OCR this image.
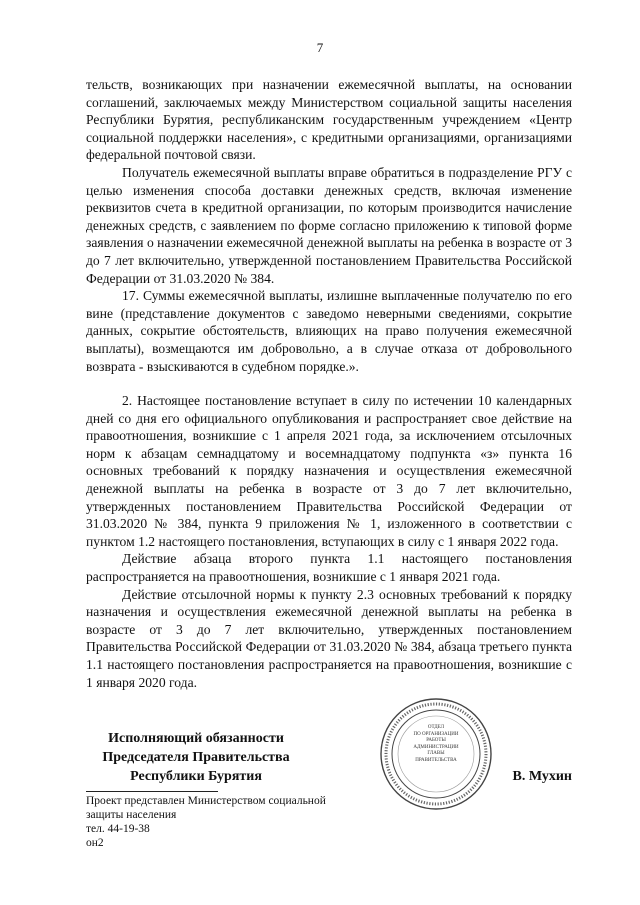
7

тельств, возникающих при назначении ежемесячной выплаты, на основании соглашений, заключаемых между Министерством социальной защиты населения Республики Бурятия, республиканским государственным учреждением «Центр социальной поддержки населения», с кредитными организациями, организациями федеральной почтовой связи.

Получатель ежемесячной выплаты вправе обратиться в подразделение РГУ с целью изменения способа доставки денежных средств, включая изменение реквизитов счета в кредитной организации, по которым производится начисление денежных средств, с заявлением по форме согласно приложению к типовой форме заявления о назначении ежемесячной денежной выплаты на ребенка в возрасте от 3 до 7 лет включительно, утвержденной постановлением Правительства Российской Федерации от 31.03.2020 № 384.

17. Суммы ежемесячной выплаты, излишне выплаченные получателю по его вине (представление документов с заведомо неверными сведениями, сокрытие данных, сокрытие обстоятельств, влияющих на право получения ежемесячной выплаты), возмещаются им добровольно, а в случае отказа от добровольного возврата - взыскиваются в судебном порядке.».

2. Настоящее постановление вступает в силу по истечении 10 календарных дней со дня его официального опубликования и распространяет свое действие на правоотношения, возникшие с 1 апреля 2021 года, за исключением отсылочных норм к абзацам семнадцатому и восемнадцатому подпункта «з» пункта 16 основных требований к порядку назначения и осуществления ежемесячной денежной выплаты на ребенка в возрасте от 3 до 7 лет включительно, утвержденных постановлением Правительства Российской Федерации от 31.03.2020 № 384, пункта 9 приложения № 1, изложенного в соответствии с пунктом 1.2 настоящего постановления, вступающих в силу с 1 января 2022 года.

Действие абзаца второго пункта 1.1 настоящего постановления распространяется на правоотношения, возникшие с 1 января 2021 года.

Действие отсылочной нормы к пункту 2.3 основных требований к порядку назначения и осуществления ежемесячной денежной выплаты на ребенка в возрасте от 3 до 7 лет включительно, утвержденных постановлением Правительства Российской Федерации от 31.03.2020 № 384, абзаца третьего пункта 1.1 настоящего постановления распространяется на правоотношения, возникшие с 1 января 2020 года.

Исполняющий обязанности
Председателя Правительства
Республики Бурятия
ОТДЕЛ
ПО ОРГАНИЗАЦИИ
РАБОТЫ
АДМИНИСТРАЦИИ
ГЛАВЫ
ПРАВИТЕЛЬСТВА
В. Мухин
Проект представлен Министерством социальной
защиты населения
тел. 44-19-38
он2
